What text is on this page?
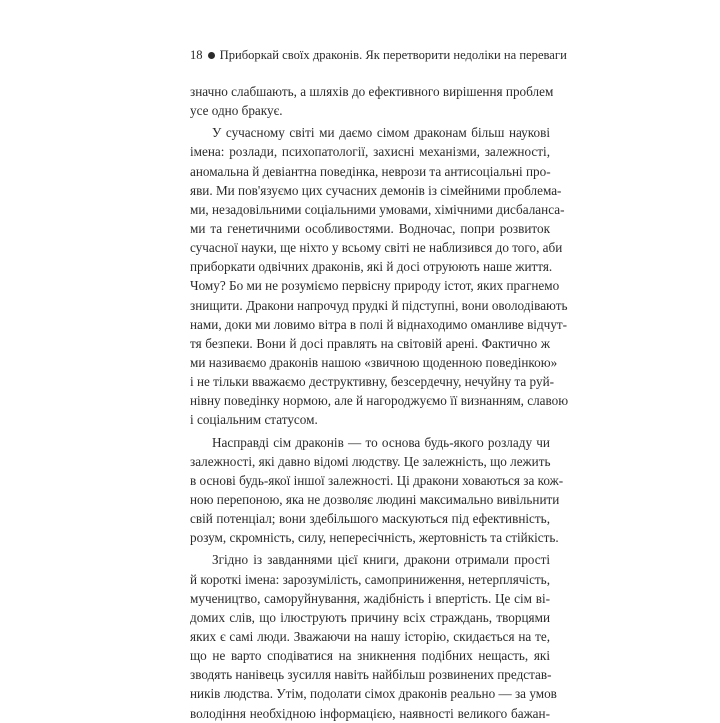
18 Приборкай своїх драконів. Як перетворити недоліки на переваги
значно слабшають, а шляхів до ефективного вирішення проблем
усе одно бракує.
У сучасному світі ми даємо сімом драконам більш наукові
імена: розлади, психопатології, захисні механізми, залежності,
аномальна й девіантна поведінка, неврози та антисоціальні про-
яви. Ми пов'язуємо цих сучасних демонів із сімейними проблема-
ми, незадовільними соціальними умовами, хімічними дисбаланса-
ми та генетичними особливостями. Водночас, попри розвиток
сучасної науки, ще ніхто у всьому світі не наблизився до того, аби
приборкати одвічних драконів, які й досі отруюють наше життя.
Чому? Бо ми не розуміємо первісну природу істот, яких прагнемо
знищити. Дракони напрочуд прудкі й підступні, вони оволодівають
нами, доки ми ловимо вітра в полі й віднаходимо оманливе відчут-
тя безпеки. Вони й досі правлять на світовій арені. Фактично ж
ми називаємо драконів нашою «звичною щоденною поведінкою»
і не тільки вважаємо деструктивну, безсердечну, нечуйну та руй-
нівну поведінку нормою, але й нагороджуємо її визнанням, славою
і соціальним статусом.
Насправді сім драконів — то основа будь-якого розладу чи
залежності, які давно відомі людству. Це залежність, що лежить
в основі будь-якої іншої залежності. Ці дракони ховаються за кож-
ною перепоною, яка не дозволяє людині максимально вивільнити
свій потенціал; вони здебільшого маскуються під ефективність,
розум, скромність, силу, непересічність, жертовність та стійкість.
Згідно із завданнями цієї книги, дракони отримали прості
й короткі імена: зарозумілість, самоприниження, нетерплячість,
мучеництво, саморуйнування, жадібність і впертість. Це сім ві-
домих слів, що ілюструють причину всіх страждань, творцями
яких є самі люди. Зважаючи на нашу історію, скидається на те,
що не варто сподіватися на зникнення подібних нещасть, які
зводять нанівець зусилля навіть найбільш розвинених представ-
ників людства. Утім, подолати сімох драконів реально — за умов
володіння необхідною інформацією, наявності великого бажан-
